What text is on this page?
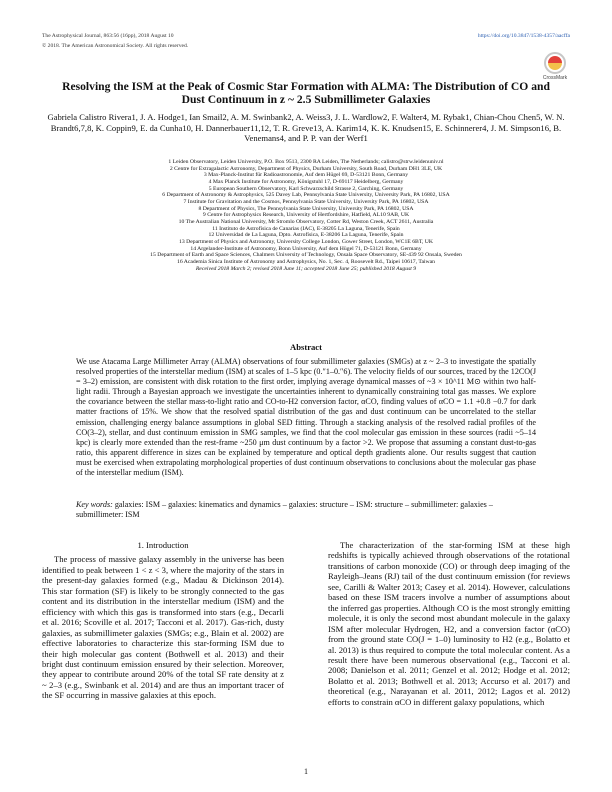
The Astrophysical Journal, 863:56 (16pp), 2018 August 10	https://doi.org/10.3847/1538-4357/aacffa
© 2018. The American Astronomical Society. All rights reserved.
CrossMark
Resolving the ISM at the Peak of Cosmic Star Formation with ALMA: The Distribution of CO and Dust Continuum in z ~ 2.5 Submillimeter Galaxies
Gabriela Calistro Rivera1, J. A. Hodge1, Ian Smail2, A. M. Swinbank2, A. Weiss3, J. L. Wardlow2, F. Walter4, M. Rybak1, Chian-Chou Chen5, W. N. Brandt6,7,8, K. Coppin9, E. da Cunha10, H. Dannerbauer11,12, T. R. Greve13, A. Karim14, K. K. Knudsen15, E. Schinnerer4, J. M. Simpson16, B. Venemans4, and P. P. van der Werf1
1 Leiden Observatory, Leiden University, P.O. Box 9513, 2300 RA Leiden, The Netherlands; calistro@strw.leidenuniv.nl
2 Centre for Extragalactic Astronomy, Department of Physics, Durham University, South Road, Durham DH1 3LE, UK
3 Max-Planck-Institut für Radioastronomie, Auf dem Hügel 69, D-53121 Bonn, Germany
4 Max Planck Institute for Astronomy, Königstuhl 17, D-69117 Heidelberg, Germany
5 European Southern Observatory, Karl Schwarzschild Strasse 2, Garching, Germany
6 Department of Astronomy & Astrophysics, 525 Davey Lab, Pennsylvania State University, University Park, PA 16802, USA
7 Institute for Gravitation and the Cosmos, Pennsylvania State University, University Park, PA 16802, USA
8 Department of Physics, The Pennsylvania State University, University Park, PA 16802, USA
9 Centre for Astrophysics Research, University of Hertfordshire, Hatfield, AL10 9AB, UK
10 The Australian National University, Mt Stromlo Observatory, Cotter Rd, Weston Creek, ACT 2611, Australia
11 Instituto de Astrofísica de Canarias (IAC), E-38205 La Laguna, Tenerife, Spain
12 Universidad de La Laguna, Dpto. Astrofísica, E-38206 La Laguna, Tenerife, Spain
13 Department of Physics and Astronomy, University College London, Gower Street, London, WC1E 6BT, UK
14 Argelander-Institute of Astronomy, Bonn University, Auf dem Hügel 71, D-53121 Bonn, Germany
15 Department of Earth and Space Sciences, Chalmers University of Technology, Onsala Space Observatory, SE-439 92 Onsala, Sweden
16 Academia Sinica Institute of Astronomy and Astrophysics, No. 1, Sec. 4, Roosevelt Rd., Taipei 10617, Taiwan
Received 2018 March 2; revised 2018 June 11; accepted 2018 June 25; published 2018 August 9
Abstract
We use Atacama Large Millimeter Array (ALMA) observations of four submillimeter galaxies (SMGs) at z ~ 2–3 to investigate the spatially resolved properties of the interstellar medium (ISM) at scales of 1–5 kpc (0.″1–0.″6). The velocity fields of our sources, traced by the 12CO(J = 3–2) emission, are consistent with disk rotation to the first order, implying average dynamical masses of ~3 × 10^11 M⊙ within two half-light radii. Through a Bayesian approach we investigate the uncertainties inherent to dynamically constraining total gas masses. We explore the covariance between the stellar mass-to-light ratio and CO-to-H2 conversion factor, αCO, finding values of αCO = 1.1 +0.8 −0.7 for dark matter fractions of 15%. We show that the resolved spatial distribution of the gas and dust continuum can be uncorrelated to the stellar emission, challenging energy balance assumptions in global SED fitting. Through a stacking analysis of the resolved radial profiles of the CO(3–2), stellar, and dust continuum emission in SMG samples, we find that the cool molecular gas emission in these sources (radii ~5–14 kpc) is clearly more extended than the rest-frame ~250 μm dust continuum by a factor >2. We propose that assuming a constant dust-to-gas ratio, this apparent difference in sizes can be explained by temperature and optical depth gradients alone. Our results suggest that caution must be exercised when extrapolating morphological properties of dust continuum observations to conclusions about the molecular gas phase of the interstellar medium (ISM).
Key words: galaxies: ISM – galaxies: kinematics and dynamics – galaxies: structure – ISM: structure – submillimeter: galaxies – submillimeter: ISM
1. Introduction

The process of massive galaxy assembly in the universe has been identified to peak between 1 < z < 3, where the majority of the stars in the present-day galaxies formed (e.g., Madau & Dickinson 2014). This star formation (SF) is likely to be strongly connected to the gas content and its distribution in the interstellar medium (ISM) and the efficiency with which this gas is transformed into stars (e.g., Decarli et al. 2016; Scoville et al. 2017; Tacconi et al. 2017). Gas-rich, dusty galaxies, as submillimeter galaxies (SMGs; e.g., Blain et al. 2002) are effective laboratories to characterize this star-forming ISM due to their high molecular gas content (Bothwell et al. 2013) and their bright dust continuum emission ensured by their selection. Moreover, they appear to contribute around 20% of the total SF rate density at z ~ 2–3 (e.g., Swinbank et al. 2014) and are thus an important tracer of the SF occurring in massive galaxies at this epoch.

The characterization of the star-forming ISM at these high redshifts is typically achieved through observations of the rotational transitions of carbon monoxide (CO) or through deep imaging of the Rayleigh–Jeans (RJ) tail of the dust continuum emission (for reviews see, Carilli & Walter 2013; Casey et al. 2014). However, calculations based on these ISM tracers involve a number of assumptions about the inferred gas properties. Although CO is the most strongly emitting molecule, it is only the second most abundant molecule in the galaxy ISM after molecular Hydrogen, H2, and a conversion factor (αCO) from the ground state CO(J = 1–0) luminosity to H2 (e.g., Bolatto et al. 2013) is thus required to compute the total molecular content. As a result there have been numerous observational (e.g., Tacconi et al. 2008; Danielson et al. 2011; Genzel et al. 2012; Hodge et al. 2012; Bolatto et al. 2013; Bothwell et al. 2013; Accurso et al. 2017) and theoretical (e.g., Narayanan et al. 2011, 2012; Lagos et al. 2012) efforts to constrain αCO in different galaxy populations, which

1
